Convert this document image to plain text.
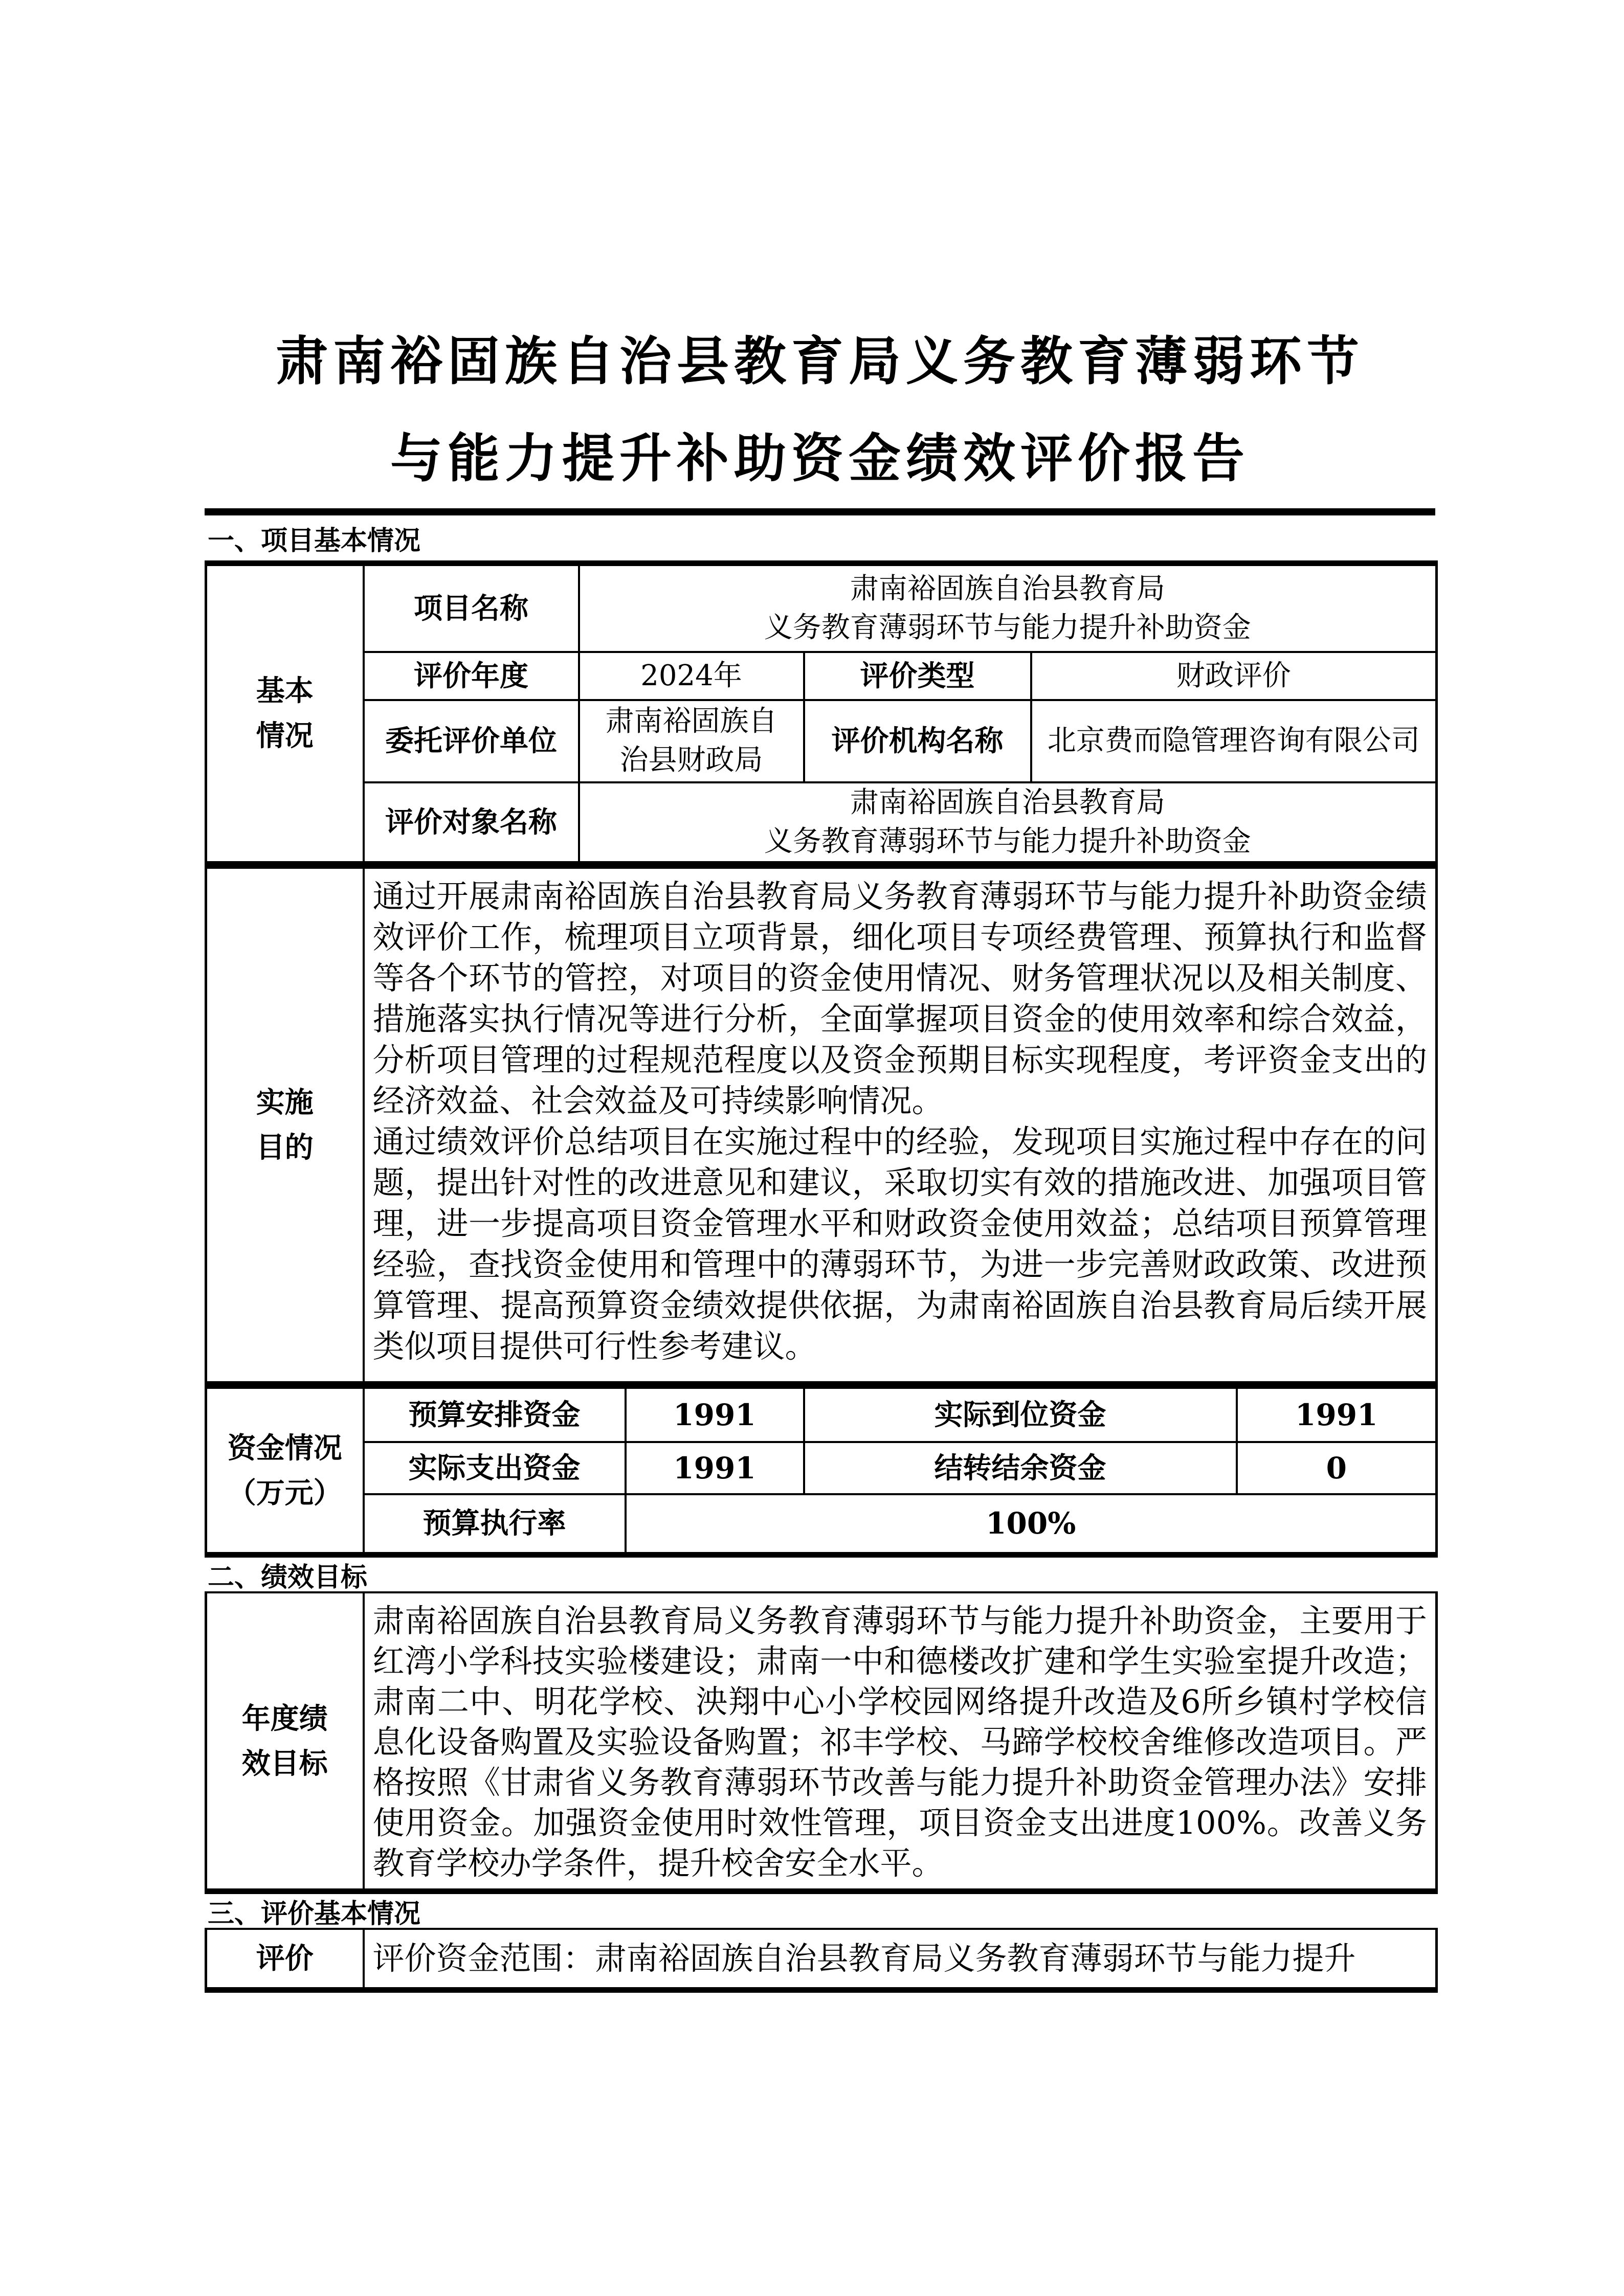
肃南裕固族自治县教育局义务教育薄弱环节
与能力提升补助资金绩效评价报告
一、项目基本情况
基本
情况
	项目名称	
肃南裕固族自治县教育局
义务教育薄弱环节与能力提升补助资金

	评价年度	2024年	评价类型	财政评价
	委托评价单位	肃南裕固族自治县财政局	评价机构名称	北京费而隐管理咨询有限公司
	评价对象名称	肃南裕固族自治县教育局
义务教育薄弱环节与能力提升补助资金		
实施
目的

通过开展肃南裕固族自治县教育局义务教育薄弱环节与能力提升补助资金绩效评价工作，梳理项目立项背景，细化项目专项经费管理、预算执行和监督等各个环节的管控，对项目的资金使用情况、财务管理状况以及相关制度、措施落实执行情况等进行分析，全面掌握项目资金的使用效率和综合效益，分析项目管理的过程规范程度以及资金预期目标实现程度，考评资金支出的经济效益、社会效益及可持续影响情况。
通过绩效评价总结项目在实施过程中的经验，发现项目实施过程中存在的问题，提出针对性的改进意见和建议，采取切实有效的措施改进、加强项目管理，进一步提高项目资金管理水平和财政资金使用效益；总结项目预算管理经验，查找资金使用和管理中的薄弱环节，为进一步完善财政政策、改进预算管理、提高预算资金绩效提供依据，为肃南裕固族自治县教育局后续开展类似项目提供可行性参考建议。
资金情况
（万元）	预算安排资金	1991	实际到位资金	1991
	实际支出资金	1991	结转结余资金	0
	预算执行率	100%		
二、绩效目标
年度绩
效目标
	肃南裕固族自治县教育局义务教育薄弱环节与能力提升补助资金，主要用于红湾小学科技实验楼建设；肃南一中和德楼改扩建和学生实验室提升改造；肃南二中、明花学校、泱翔中心小学校园网络提升改造及6所乡镇村学校信息化设备购置及实验设备购置；祁丰学校、马蹄学校校舍维修改造项目。严格按照《甘肃省义务教育薄弱环节改善与能力提升补助资金管理办法》安排使用资金。加强资金使用时效性管理，项目资金支出进度100%。改善义务教育学校办学条件，提升校舍安全水平。
三、评价基本情况
评价	评价资金范围：肃南裕固族自治县教育局义务教育薄弱环节与能力提升
